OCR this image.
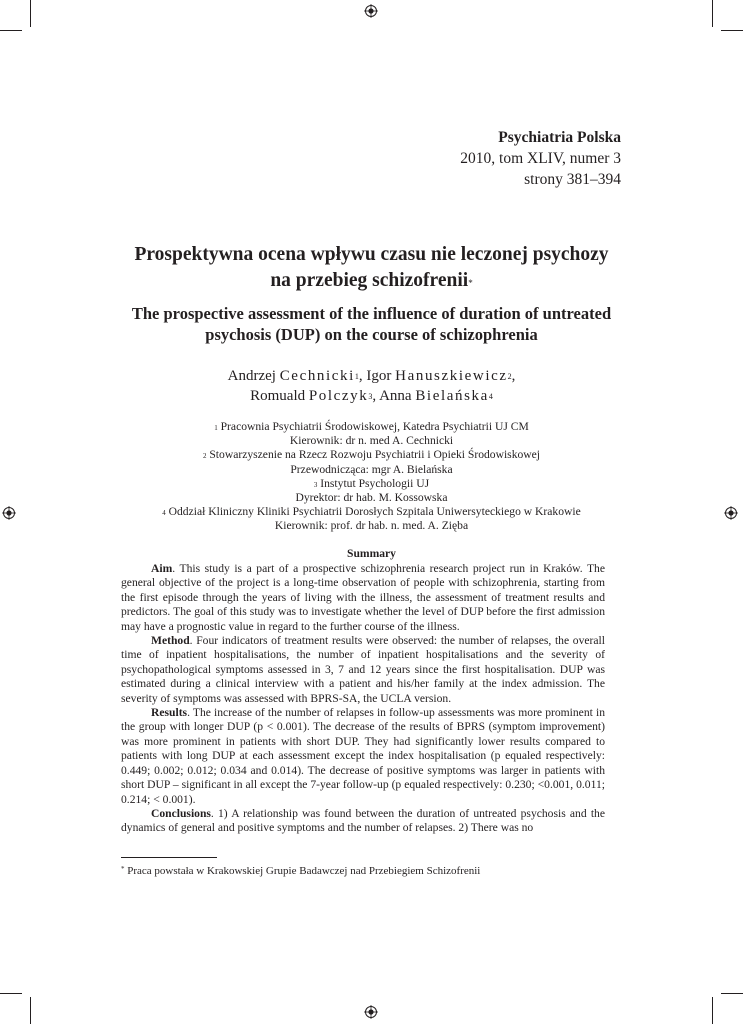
Psychiatria Polska
2010, tom XLIV, numer 3
strony 381–394
Prospektywna ocena wpływu czasu nie leczonej psychozy
na przebieg schizofrenii*
The prospective assessment of the influence of duration of untreated
psychosis (DUP) on the course of schizophrenia
Andrzej Cechnicki$^1$, Igor Hanuszkiewicz$^2$,
Romuald Polczyk$^3$, Anna Bielańska$^4$
$^1$ Pracownia Psychiatrii Środowiskowej, Katedra Psychiatrii UJ CM
Kierownik: dr n. med A. Cechnicki
$^2$ Stowarzyszenie na Rzecz Rozwoju Psychiatrii i Opieki Środowiskowej
Przewodnicząca: mgr A. Bielańska
$^3$ Instytut Psychologii UJ
Dyrektor: dr hab. M. Kossowska
$^4$ Oddział Kliniczny Kliniki Psychiatrii Dorosłych Szpitala Uniwersyteckiego w Krakowie
Kierownik: prof. dr hab. n. med. A. Zięba
Summary

Aim. This study is a part of a prospective schizophrenia research project run in Kraków. The general objective of the project is a long-time observation of people with schizophrenia, starting from the first episode through the years of living with the illness, the assessment of treatment results and predictors. The goal of this study was to investigate whether the level of DUP before the first admission may have a prognostic value in regard to the further course of the illness.

Method. Four indicators of treatment results were observed: the number of relapses, the overall time of inpatient hospitalisations, the number of inpatient hospitalisations and the severity of psychopathological symptoms assessed in 3, 7 and 12 years since the first hospitalisation. DUP was estimated during a clinical interview with a patient and his/her family at the index admission. The severity of symptoms was assessed with BPRS-SA, the UCLA version.

Results. The increase of the number of relapses in follow-up assessments was more prominent in the group with longer DUP (p < 0.001). The decrease of the results of BPRS (symptom improvement) was more prominent in patients with short DUP. They had significantly lower results compared to patients with long DUP at each assessment except the index hospitalisation (p equaled respectively: 0.449; 0.002; 0.012; 0.034 and 0.014). The decrease of positive symptoms was larger in patients with short DUP – significant in all except the 7-year follow-up (p equaled respectively: 0.230; <0.001, 0.011; 0.214; < 0.001).

Conclusions. 1) A relationship was found between the duration of untreated psychosis and the dynamics of general and positive symptoms and the number of relapses. 2) There was no

* Praca powstała w Krakowskiej Grupie Badawczej nad Przebiegiem Schizofrenii
